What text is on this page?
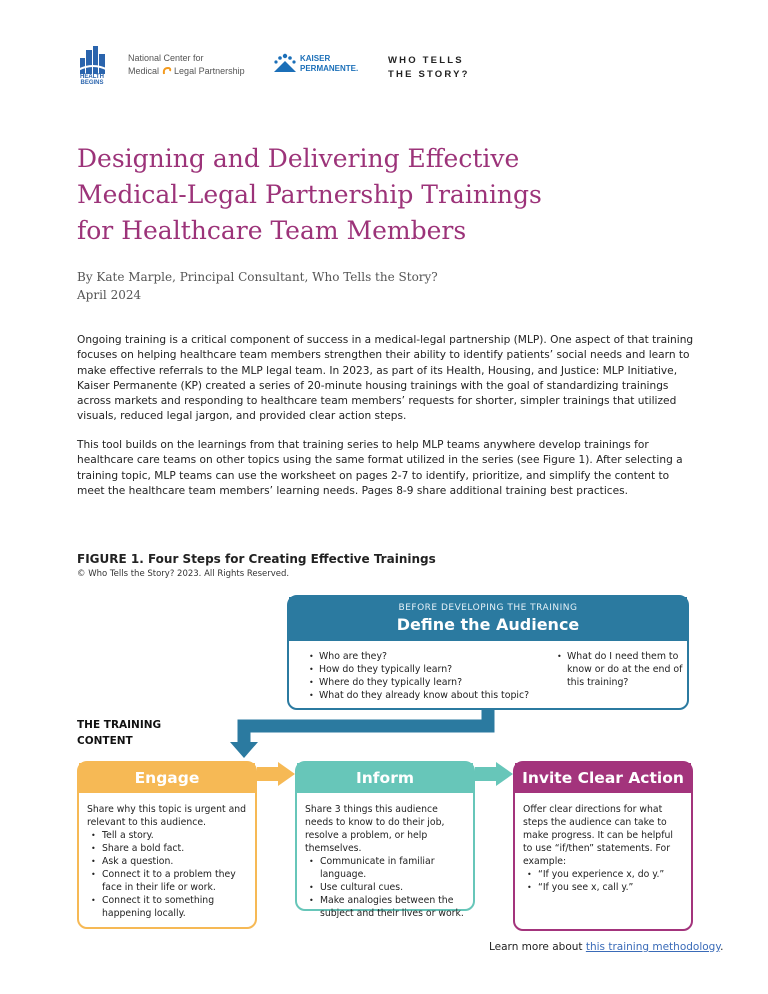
HEALTH BEGINS
National Center for
Medical Legal Partnership
KAISER
PERMANENTE.
WHO TELLS
THE STORY?
Designing and Delivering Effective
Medical-Legal Partnership Trainings
for Healthcare Team Members
By Kate Marple, Principal Consultant, Who Tells the Story?
April 2024
Ongoing training is a critical component of success in a medical-legal partnership (MLP). One aspect of that training focuses on helping healthcare team members strengthen their ability to identify patients’ social needs and learn to make effective referrals to the MLP legal team. In 2023, as part of its Health, Housing, and Justice: MLP Initiative, Kaiser Permanente (KP) created a series of 20-minute housing trainings with the goal of standardizing trainings across markets and responding to healthcare team members’ requests for shorter, simpler trainings that utilized visuals, reduced legal jargon, and provided clear action steps.
This tool builds on the learnings from that training series to help MLP teams anywhere develop trainings for healthcare care teams on other topics using the same format utilized in the series (see Figure 1). After selecting a training topic, MLP teams can use the worksheet on pages 2-7 to identify, prioritize, and simplify the content to meet the healthcare team members’ learning needs. Pages 8-9 share additional training best practices.
FIGURE 1. Four Steps for Creating Effective Trainings
© Who Tells the Story? 2023. All Rights Reserved.
BEFORE DEVELOPING THE TRAINING
Define the Audience
• Who are they?
• How do they typically learn?
• Where do they typically learn?
• What do they already know about this topic?
• What do I need them to know or do at the end of this training?
THE TRAINING
CONTENT
Engage
Share why this topic is urgent and relevant to this audience.
• Tell a story.
• Share a bold fact.
• Ask a question.
• Connect it to a problem they face in their life or work.
• Connect it to something happening locally.
Inform
Share 3 things this audience needs to know to do their job, resolve a problem, or help themselves.
• Communicate in familiar language.
• Use cultural cues.
• Make analogies between the subject and their lives or work.
Invite Clear Action
Offer clear directions for what steps the audience can take to make progress. It can be helpful to use “if/then” statements. For example:
• “If you experience x, do y.”
• “If you see x, call y.”
Learn more about this training methodology.
